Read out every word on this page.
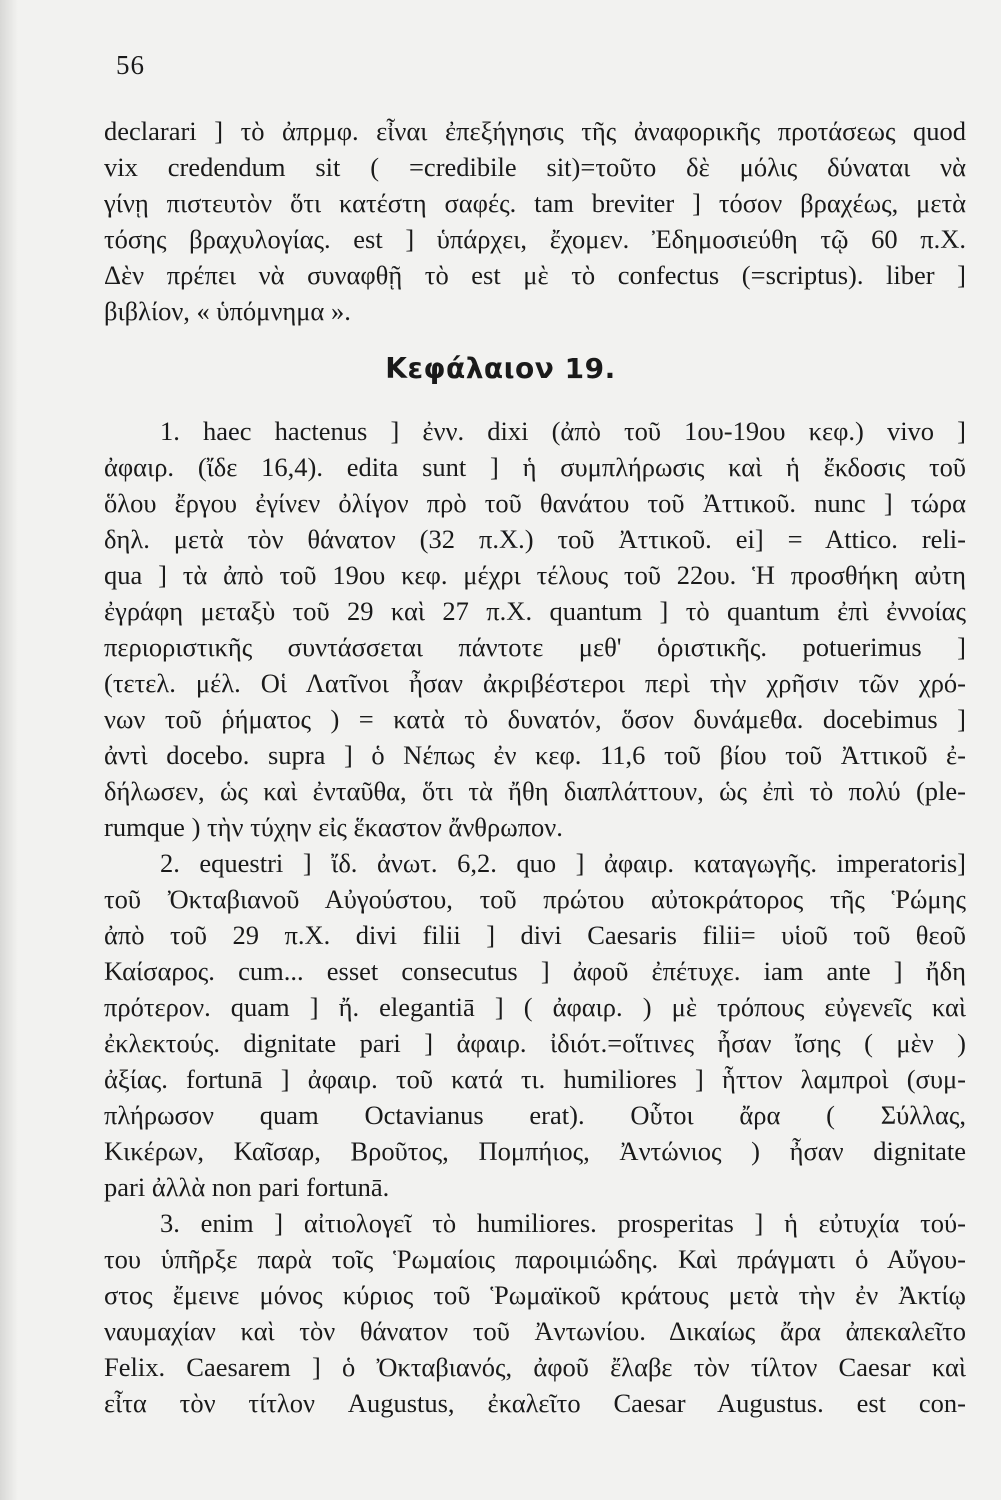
56
declarari ] τὸ ἀπρμφ. εἶναι ἐπεξήγησις τῆς ἀναφορικῆς προτάσεως quod
vix credendum sit ( =credibile sit)=τοῦτο δὲ μόλις δύναται νὰ
γίνῃ πιστευτὸν ὅτι κατέστη σαφές. tam breviter ] τόσον βραχέως, μετὰ
τόσης βραχυλογίας. est ] ὑπάρχει, ἔχομεν. Ἐδημοσιεύθη τῷ 60 π.Χ.
Δὲν πρέπει νὰ συναφθῇ τὸ est μὲ τὸ confectus (=scriptus). liber ]
βιβλίον, « ὑπόμνημα ».
Κεφάλαιον 19.
1. haec hactenus ] ἐνν. dixi (ἀπὸ τοῦ 1ου-19ου κεφ.) vivo ]
ἀφαιρ. (ἴδε 16,4). edita sunt ] ἡ συμπλήρωσις καὶ ἡ ἔκδοσις τοῦ
ὅλου ἔργου ἐγίνεν ὀλίγον πρὸ τοῦ θανάτου τοῦ Ἀττικοῦ. nunc ] τώρα
δηλ. μετὰ τὸν θάνατον (32 π.Χ.) τοῦ Ἀττικοῦ. ei] = Attico. reli-
qua ] τὰ ἀπὸ τοῦ 19ου κεφ. μέχρι τέλους τοῦ 22ου. Ἡ προσθήκη αὐτη
ἐγράφη μεταξὺ τοῦ 29 καὶ 27 π.Χ. quantum ] τὸ quantum ἐπὶ ἐννοίας
περιοριστικῆς συντάσσεται πάντοτε μεθ' ὁριστικῆς. potuerimus ]
(τετελ. μέλ. Οἱ Λατῖνοι ἦσαν ἀκριβέστεροι περὶ τὴν χρῆσιν τῶν χρό-
νων τοῦ ῥήματος ) = κατὰ τὸ δυνατόν, ὅσον δυνάμεθα. docebimus ]
ἀντὶ docebo. supra ] ὁ Νέπως ἐν κεφ. 11,6 τοῦ βίου τοῦ Ἀττικοῦ ἐ-
δήλωσεν, ὡς καὶ ἐνταῦθα, ὅτι τὰ ἤθη διαπλάττουν, ὡς ἐπὶ τὸ πολύ (ple-
rumque ) τὴν τύχην εἰς ἕκαστον ἄνθρωπον.
2. equestri ] ἴδ. ἀνωτ. 6,2. quo ] ἀφαιρ. καταγωγῆς. imperatoris]
τοῦ Ὀκταβιανοῦ Αὐγούστου, τοῦ πρώτου αὐτοκράτορος τῆς Ῥώμης
ἀπὸ τοῦ 29 π.Χ. divi filii ] divi Caesaris filii= υἱοῦ τοῦ θεοῦ
Καίσαρος. cum... esset consecutus ] ἀφοῦ ἐπέτυχε. iam ante ] ἤδη
πρότερον. quam ] ἤ. elegantiā ] ( ἀφαιρ. ) μὲ τρόπους εὐγενεῖς καὶ
ἐκλεκτούς. dignitate pari ] ἀφαιρ. ἰδιότ.=οἵτινες ἦσαν ἴσης ( μὲν )
ἀξίας. fortunā ] ἀφαιρ. τοῦ κατά τι. humiliores ] ἧττον λαμπροὶ (συμ-
πλήρωσον quam Octavianus erat). Οὗτοι ἄρα ( Σύλλας,
Κικέρων, Καῖσαρ, Βροῦτος, Πομπήιος, Ἀντώνιος ) ἦσαν dignitate
pari ἀλλὰ non pari fortunā.
3. enim ] αἰτιολογεῖ τὸ humiliores. prosperitas ] ἡ εὐτυχία τού-
του ὑπῆρξε παρὰ τοῖς Ῥωμαίοις παροιμιώδης. Καὶ πράγματι ὁ Αὔγου-
στος ἔμεινε μόνος κύριος τοῦ Ῥωμαϊκοῦ κράτους μετὰ τὴν ἐν Ἀκτίῳ
ναυμαχίαν καὶ τὸν θάνατον τοῦ Ἀντωνίου. Δικαίως ἄρα ἀπεκαλεῖτο
Felix. Caesarem ] ὁ Ὀκταβιανός, ἀφοῦ ἔλαβε τὸν τίλτον Caesar καὶ
εἶτα τὸν τίτλον Augustus, ἐκαλεῖτο Caesar Augustus. est con-
